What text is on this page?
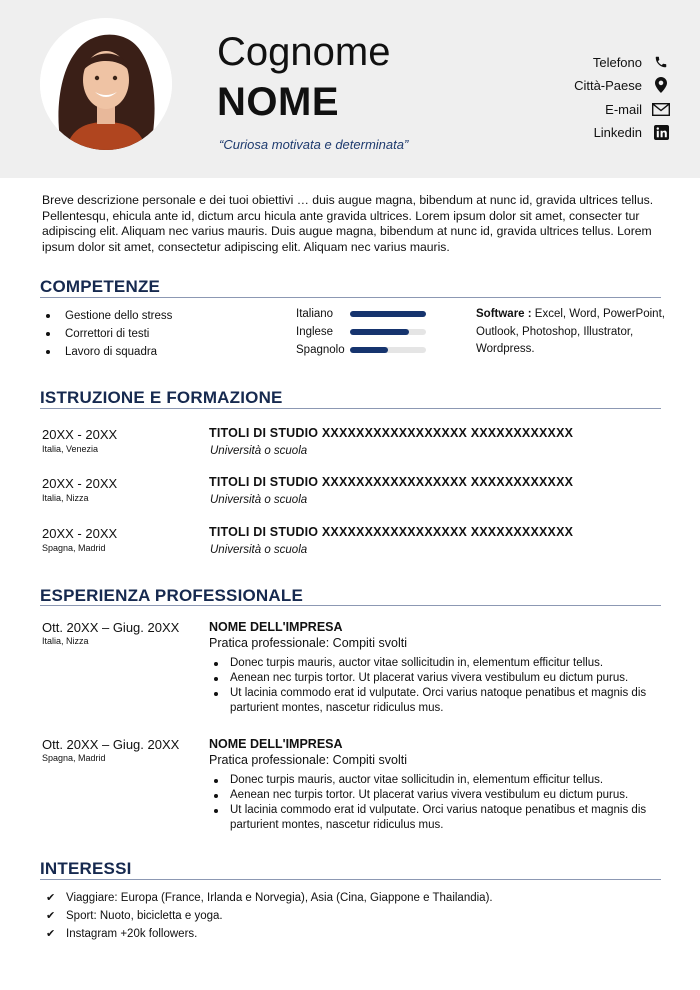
Cognome
NOME
“Curiosa motivata e determinata”
Telefono
Città-Paese
E-mail
Linkedin
Breve descrizione personale e dei tuoi obiettivi … duis augue magna, bibendum at nunc id, gravida ultrices tellus. Pellentesqu, ehicula ante id, dictum arcu hicula ante gravida ultrices. Lorem ipsum dolor sit amet, consecter tur adipiscing elit. Aliquam nec varius mauris. Duis augue magna, bibendum at nunc id, gravida ultrices tellus. Lorem ipsum dolor sit amet, consectetur adipiscing elit. Aliquam nec varius mauris.
COMPETENZE
Gestione dello stress
Correttori di testi
Lavoro di squadra
Italiano
Inglese
Spagnolo
Software : Excel, Word, PowerPoint, Outlook, Photoshop, Illustrator, Wordpress.
ISTRUZIONE E FORMAZIONE
20XX - 20XX
Italia, Venezia
TITOLI DI STUDIO XXXXXXXXXXXXXXXXX XXXXXXXXXXXX
Università o scuola
20XX - 20XX
Italia, Nizza
TITOLI DI STUDIO XXXXXXXXXXXXXXXXX XXXXXXXXXXXX
Università o scuola
20XX - 20XX
Spagna, Madrid
TITOLI DI STUDIO XXXXXXXXXXXXXXXXX XXXXXXXXXXXX
Università o scuola
ESPERIENZA PROFESSIONALE
Ott. 20XX – Giug. 20XX
Italia, Nizza
NOME DELL'IMPRESA
Pratica professionale: Compiti svolti
Donec turpis mauris, auctor vitae sollicitudin in, elementum efficitur tellus.
Aenean nec turpis tortor. Ut placerat varius vivera vestibulum eu dictum purus.
Ut lacinia commodo erat id vulputate. Orci varius natoque penatibus et magnis dis parturient montes, nascetur ridiculus mus.
Ott. 20XX – Giug. 20XX
Spagna, Madrid
NOME DELL'IMPRESA
Pratica professionale: Compiti svolti
Donec turpis mauris, auctor vitae sollicitudin in, elementum efficitur tellus.
Aenean nec turpis tortor. Ut placerat varius vivera vestibulum eu dictum purus.
Ut lacinia commodo erat id vulputate. Orci varius natoque penatibus et magnis dis parturient montes, nascetur ridiculus mus.
INTERESSI
✔ Viaggiare: Europa (France, Irlanda e Norvegia), Asia (Cina, Giappone e Thailandia).
✔ Sport: Nuoto, bicicletta e yoga.
✔ Instagram +20k followers.
